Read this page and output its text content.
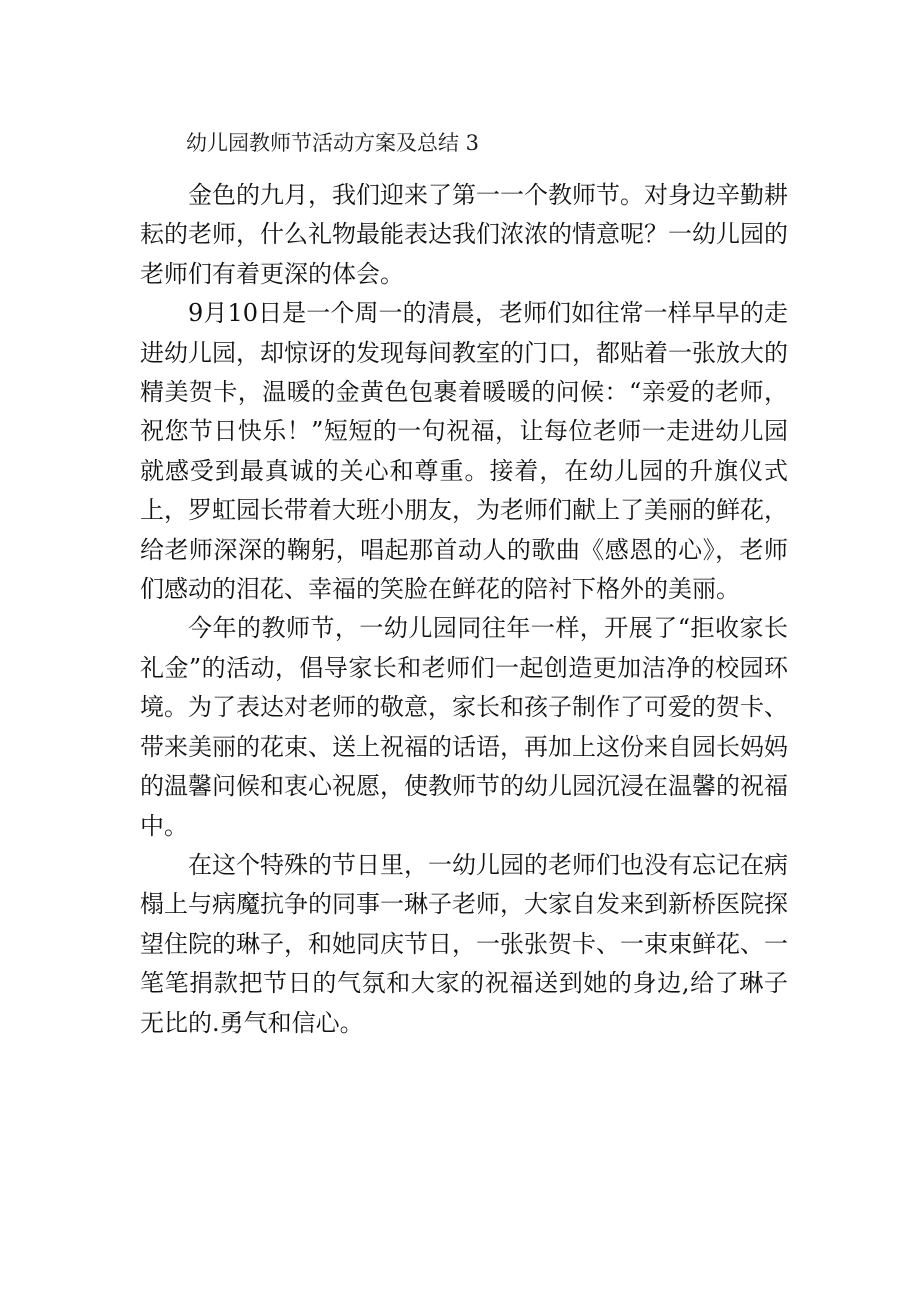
幼儿园教师节活动方案及总结 3

金色的九月，我们迎来了第一一个教师节。对身边辛勤耕耘的老师，什么礼物最能表达我们浓浓的情意呢？一幼儿园的老师们有着更深的体会。

9月10日是一个周一的清晨，老师们如往常一样早早的走进幼儿园，却惊讶的发现每间教室的门口，都贴着一张放大的精美贺卡，温暖的金黄色包裹着暖暖的问候：“亲爱的老师，祝您节日快乐！”短短的一句祝福，让每位老师一走进幼儿园就感受到最真诚的关心和尊重。接着，在幼儿园的升旗仪式上，罗虹园长带着大班小朋友，为老师们献上了美丽的鲜花，给老师深深的鞠躬，唱起那首动人的歌曲《感恩的心》，老师们感动的泪花、幸福的笑脸在鲜花的陪衬下格外的美丽。

今年的教师节，一幼儿园同往年一样，开展了“拒收家长礼金”的活动，倡导家长和老师们一起创造更加洁净的校园环境。为了表达对老师的敬意，家长和孩子制作了可爱的贺卡、带来美丽的花束、送上祝福的话语，再加上这份来自园长妈妈的温馨问候和衷心祝愿，使教师节的幼儿园沉浸在温馨的祝福中。

在这个特殊的节日里，一幼儿园的老师们也没有忘记在病榻上与病魔抗争的同事一琳子老师，大家自发来到新桥医院探望住院的琳子，和她同庆节日，一张张贺卡、一束束鲜花、一笔笔捐款把节日的气氛和大家的祝福送到她的身边,给了琳子无比的.勇气和信心。
